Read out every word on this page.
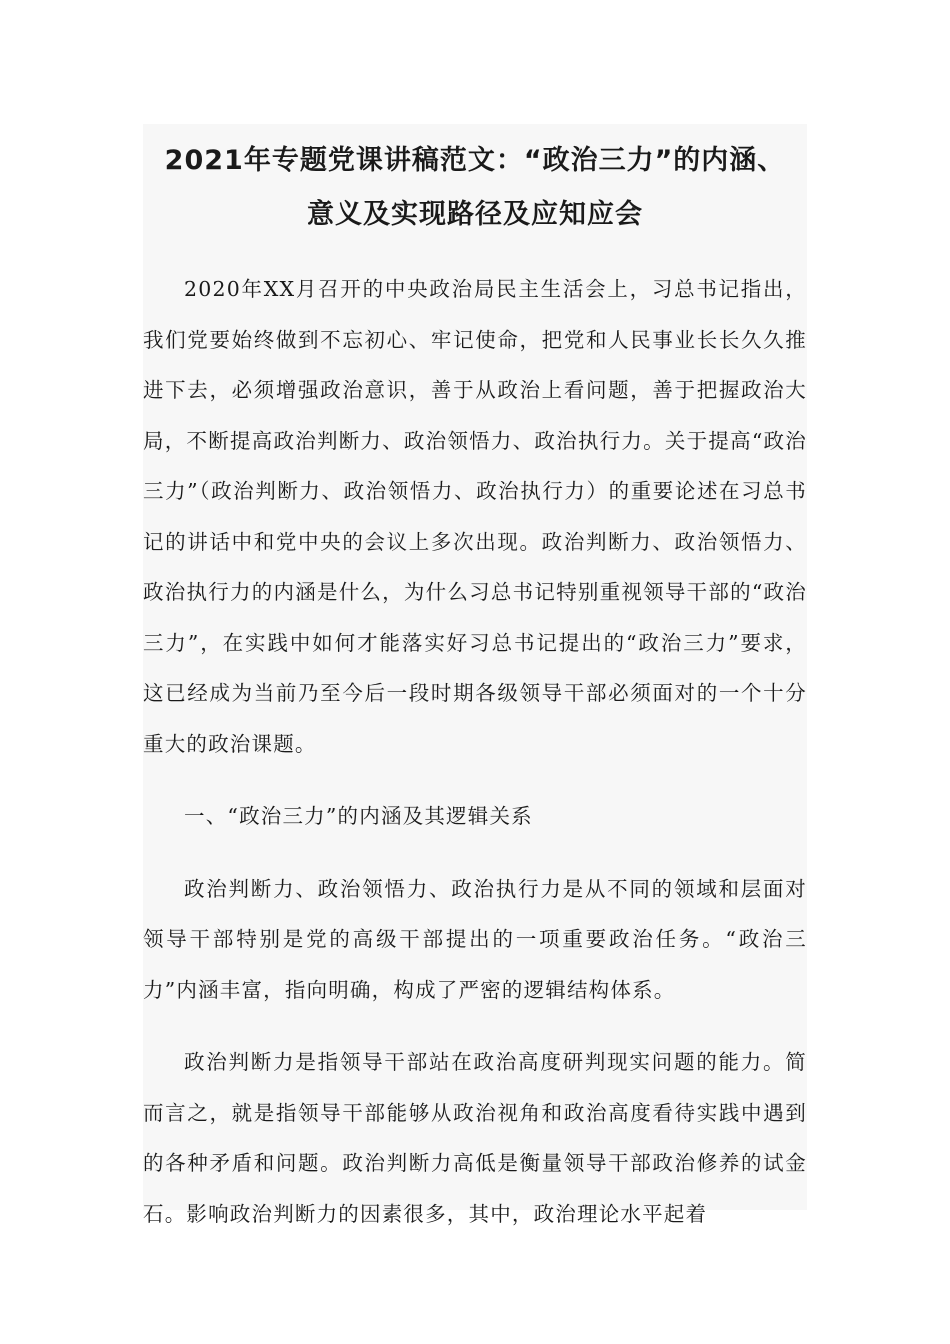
2021年专题党课讲稿范文：“政治三力”的内涵、
意义及实现路径及应知应会

2020年XX月召开的中央政治局民主生活会上，习总书记指出，我们党要始终做到不忘初心、牢记使命，把党和人民事业长长久久推进下去，必须增强政治意识，善于从政治上看问题，善于把握政治大局，不断提高政治判断力、政治领悟力、政治执行力。关于提高“政治三力”（政治判断力、政治领悟力、政治执行力）的重要论述在习总书记的讲话中和党中央的会议上多次出现。政治判断力、政治领悟力、政治执行力的内涵是什么，为什么习总书记特别重视领导干部的“政治三力”，在实践中如何才能落实好习总书记提出的“政治三力”要求，这已经成为当前乃至今后一段时期各级领导干部必须面对的一个十分重大的政治课题。

一、“政治三力”的内涵及其逻辑关系

政治判断力、政治领悟力、政治执行力是从不同的领域和层面对领导干部特别是党的高级干部提出的一项重要政治任务。“政治三力”内涵丰富，指向明确，构成了严密的逻辑结构体系。

政治判断力是指领导干部站在政治高度研判现实问题的能力。简而言之，就是指领导干部能够从政治视角和政治高度看待实践中遇到的各种矛盾和问题。政治判断力高低是衡量领导干部政治修养的试金石。影响政治判断力的因素很多，其中，政治理论水平起着
